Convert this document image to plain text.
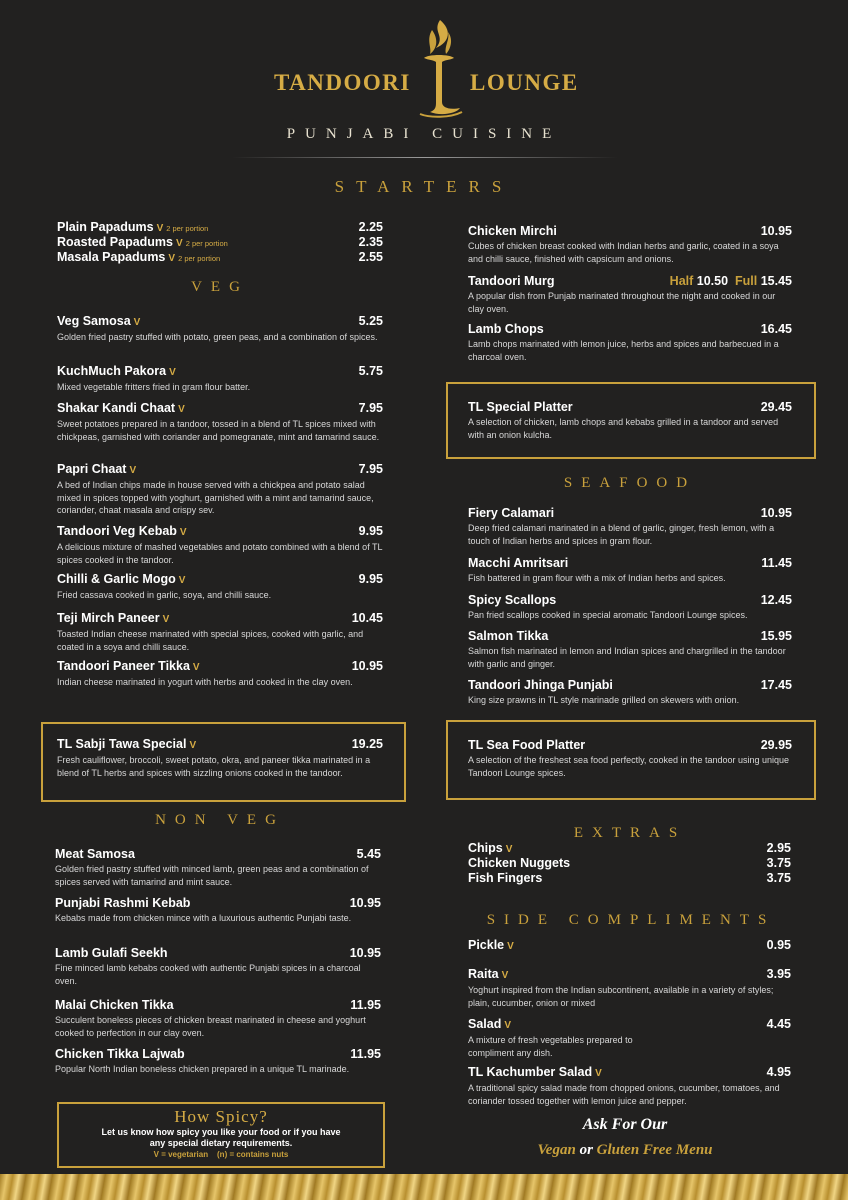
TANDOORI	LOUNGE
PUNJABI CUISINE
STARTERS
Plain Papadums V 2 per portion	2.25
Roasted Papadums V 2 per portion	2.35
Masala Papadums V 2 per portion	2.55
VEG
Veg Samosa V	5.25
Golden fried pastry stuffed with potato, green peas, and a combination of spices.
KuchMuch Pakora V	5.75
Mixed vegetable fritters fried in gram flour batter.
Shakar Kandi Chaat V	7.95
Sweet potatoes prepared in a tandoor, tossed in a blend of TL spices mixed with chickpeas, garnished with coriander and pomegranate, mint and tamarind sauce.
Papri Chaat V	7.95
A bed of Indian chips made in house served with a chickpea and potato salad mixed in spices topped with yoghurt, garnished with a mint and tamarind sauce, coriander, chaat masala and crispy sev.
Tandoori Veg Kebab V	9.95
A delicious mixture of mashed vegetables and potato combined with a blend of TL spices cooked in the tandoor.
Chilli & Garlic Mogo V	9.95
Fried cassava cooked in garlic, soya, and chilli sauce.
Teji Mirch Paneer V	10.45
Toasted Indian cheese marinated with special spices, cooked with garlic, and coated in a soya and chilli sauce.
Tandoori Paneer Tikka V	10.95
Indian cheese marinated in yogurt with herbs and cooked in the clay oven.
TL Sabji Tawa Special V	19.25
Fresh cauliflower, broccoli, sweet potato, okra, and paneer tikka marinated in a blend of TL herbs and spices with sizzling onions cooked in the tandoor.
NON VEG
Meat Samosa	5.45
Golden fried pastry stuffed with minced lamb, green peas and a combination of spices served with tamarind and mint sauce.
Punjabi Rashmi Kebab	10.95
Kebabs made from chicken mince with a luxurious authentic Punjabi taste.
Lamb Gulafi Seekh	10.95
Fine minced lamb kebabs cooked with authentic Punjabi spices in a charcoal oven.
Malai Chicken Tikka	11.95
Succulent boneless pieces of chicken breast marinated in cheese and yoghurt cooked to perfection in our clay oven.
Chicken Tikka Lajwab	11.95
Popular North Indian boneless chicken prepared in a unique TL marinade.
How Spicy?
Let us know how spicy you like your food or if you have
any special dietary requirements.
V = vegetarian (n) = contains nuts
Chicken Mirchi	10.95
Cubes of chicken breast cooked with Indian herbs and garlic, coated in a soya and chilli sauce, finished with capsicum and onions.
Tandoori Murg	Half 10.50 Full 15.45
A popular dish from Punjab marinated throughout the night and cooked in our clay oven.
Lamb Chops	16.45
Lamb chops marinated with lemon juice, herbs and spices and barbecued in a charcoal oven.
TL Special Platter	29.45
A selection of chicken, lamb chops and kebabs grilled in a tandoor and served with an onion kulcha.
SEAFOOD
Fiery Calamari	10.95
Deep fried calamari marinated in a blend of garlic, ginger, fresh lemon, with a touch of Indian herbs and spices in gram flour.
Macchi Amritsari	11.45
Fish battered in gram flour with a mix of Indian herbs and spices.
Spicy Scallops	12.45
Pan fried scallops cooked in special aromatic Tandoori Lounge spices.
Salmon Tikka	15.95
Salmon fish marinated in lemon and Indian spices and chargrilled in the tandoor with garlic and ginger.
Tandoori Jhinga Punjabi	17.45
King size prawns in TL style marinade grilled on skewers with onion.
TL Sea Food Platter	29.95
A selection of the freshest sea food perfectly, cooked in the tandoor using unique Tandoori Lounge spices.
EXTRAS
Chips V	2.95
Chicken Nuggets	3.75
Fish Fingers	3.75
SIDE COMPLIMENTS
Pickle V	0.95
Raita V	3.95
Yoghurt inspired from the Indian subcontinent, available in a variety of styles; plain, cucumber, onion or mixed
Salad V	4.45
A mixture of fresh vegetables prepared to compliment any dish.
TL Kachumber Salad V	4.95
A traditional spicy salad made from chopped onions, cucumber, tomatoes, and coriander tossed together with lemon juice and pepper.
Ask For Our
Vegan or Gluten Free Menu
